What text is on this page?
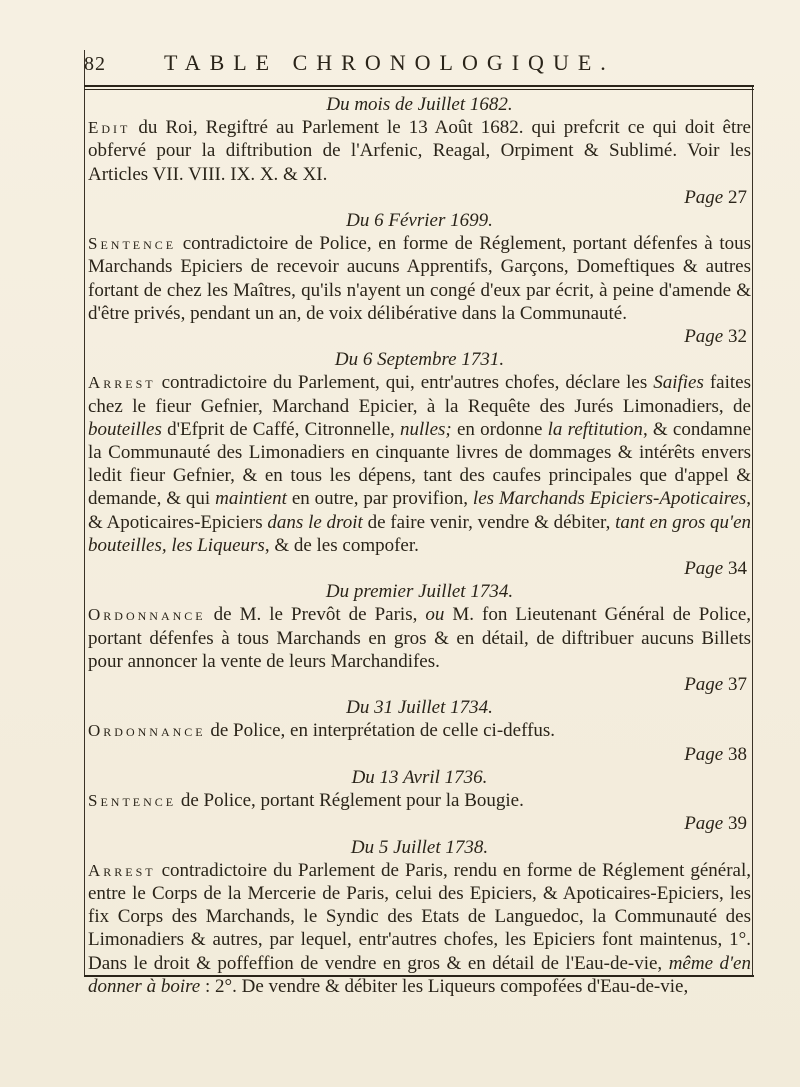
82	TABLE CHRONOLOGIQUE.
Du mois de Juillet 1682.
Edit du Roi, Regiftré au Parlement le 13 Août 1682. qui prefcrit ce qui doit être obfervé pour la diftribution de l'Arfenic, Reagal, Orpiment & Sublimé. Voir les Articles VII. VIII. IX. X. & XI.
Page 27
Du 6 Février 1699.
Sentence contradictoire de Police, en forme de Réglement, portant défenfes à tous Marchands Epiciers de recevoir aucuns Apprentifs, Garçons, Domeftiques & autres fortant de chez les Maîtres, qu'ils n'ayent un congé d'eux par écrit, à peine d'amende & d'être privés, pendant un an, de voix délibérative dans la Communauté.
Page 32
Du 6 Septembre 1731.
Arrest contradictoire du Parlement, qui, entr'autres chofes, déclare les Saifies faites chez le fieur Gefnier, Marchand Epicier, à la Requête des Jurés Limonadiers, de bouteilles d'Efprit de Caffé, Citronnelle, nulles; en ordonne la reftitution, & condamne la Communauté des Limonadiers en cinquante livres de dommages & intérêts envers ledit fieur Gefnier, & en tous les dépens, tant des caufes principales que d'appel & demande, & qui maintient en outre, par provifion, les Marchands Epiciers-Apoticaires, & Apoticaires-Epiciers dans le droit de faire venir, vendre & débiter, tant en gros qu'en bouteilles, les Liqueurs, & de les compofer.
Page 34
Du premier Juillet 1734.
Ordonnance de M. le Prevôt de Paris, ou M. fon Lieutenant Général de Police, portant défenfes à tous Marchands en gros & en détail, de diftribuer aucuns Billets pour annoncer la vente de leurs Marchandifes.
Page 37
Du 31 Juillet 1734.
Ordonnance de Police, en interprétation de celle ci-deffus.
Page 38
Du 13 Avril 1736.
Sentence de Police, portant Réglement pour la Bougie.
Page 39
Du 5 Juillet 1738.
Arrest contradictoire du Parlement de Paris, rendu en forme de Réglement général, entre le Corps de la Mercerie de Paris, celui des Epiciers, & Apoticaires-Epiciers, les fix Corps des Marchands, le Syndic des Etats de Languedoc, la Communauté des Limonadiers & autres, par lequel, entr'autres chofes, les Epiciers font maintenus, 1°. Dans le droit & poffeffion de vendre en gros & en détail de l'Eau-de-vie, même d'en donner à boire : 2°. De vendre & débiter les Liqueurs compofées d'Eau-de-vie,
